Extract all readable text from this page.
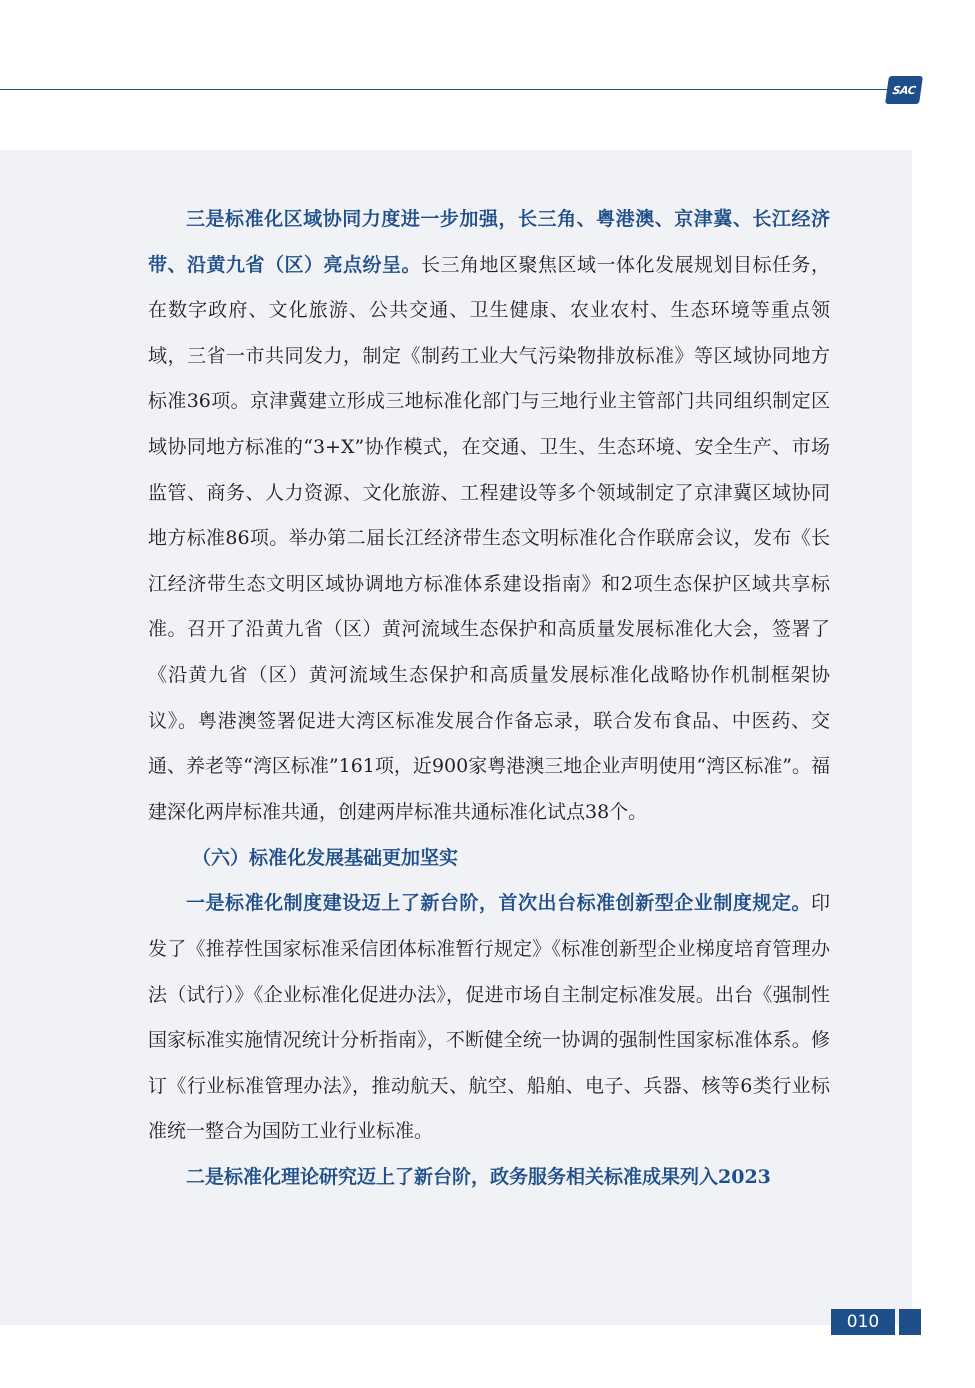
SAC

三是标准化区域协同力度进一步加强，长三角、粤港澳、京津冀、长江经济带、沿黄九省（区）亮点纷呈。长三角地区聚焦区域一体化发展规划目标任务，在数字政府、文化旅游、公共交通、卫生健康、农业农村、生态环境等重点领域，三省一市共同发力，制定《制药工业大气污染物排放标准》等区域协同地方标准36项。京津冀建立形成三地标准化部门与三地行业主管部门共同组织制定区域协同地方标准的“3+X”协作模式，在交通、卫生、生态环境、安全生产、市场监管、商务、人力资源、文化旅游、工程建设等多个领域制定了京津冀区域协同地方标准86项。举办第二届长江经济带生态文明标准化合作联席会议，发布《长江经济带生态文明区域协调地方标准体系建设指南》和2项生态保护区域共享标准。召开了沿黄九省（区）黄河流域生态保护和高质量发展标准化大会，签署了《沿黄九省（区）黄河流域生态保护和高质量发展标准化战略协作机制框架协议》。粤港澳签署促进大湾区标准发展合作备忘录，联合发布食品、中医药、交通、养老等“湾区标准”161项，近900家粤港澳三地企业声明使用“湾区标准”。福建深化两岸标准共通，创建两岸标准共通标准化试点38个。

（六）标准化发展基础更加坚实

一是标准化制度建设迈上了新台阶，首次出台标准创新型企业制度规定。印发了《推荐性国家标准采信团体标准暂行规定》《标准创新型企业梯度培育管理办法（试行）》《企业标准化促进办法》，促进市场自主制定标准发展。出台《强制性国家标准实施情况统计分析指南》，不断健全统一协调的强制性国家标准体系。修订《行业标准管理办法》，推动航天、航空、船舶、电子、兵器、核等6类行业标准统一整合为国防工业行业标准。

二是标准化理论研究迈上了新台阶，政务服务相关标准成果列入2023

010
